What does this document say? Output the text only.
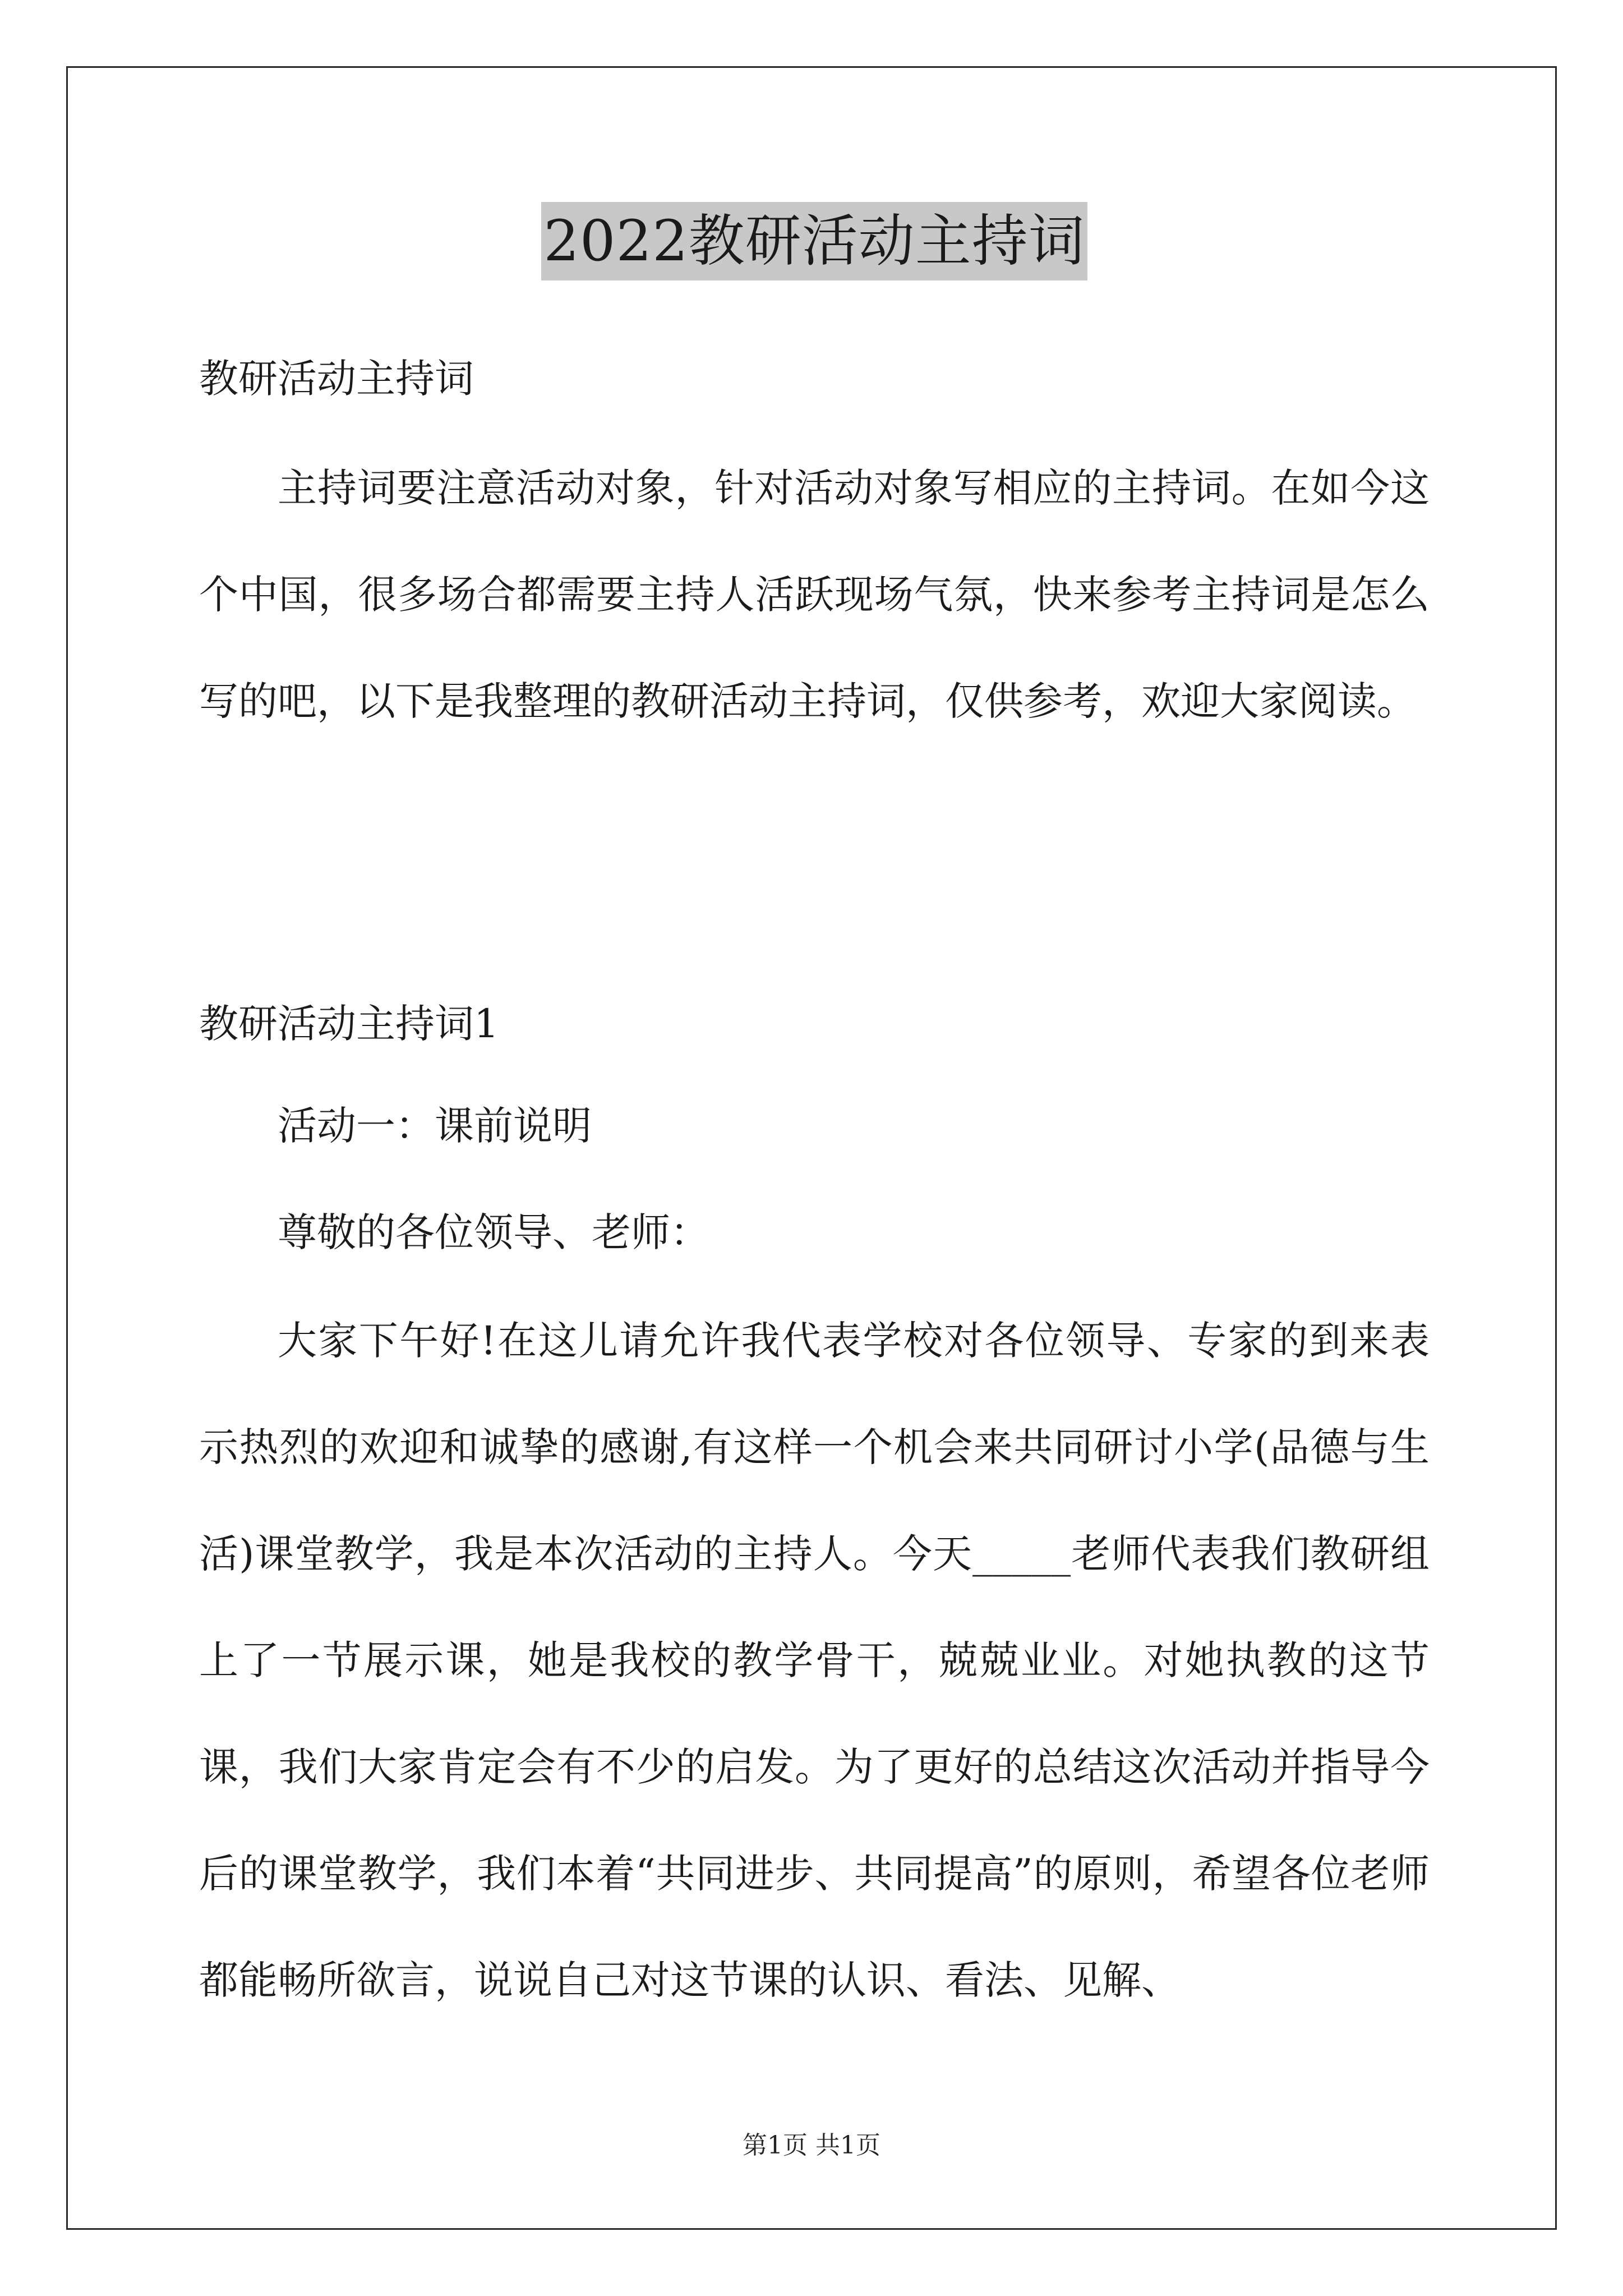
2022教研活动主持词
教研活动主持词
主持词要注意活动对象，针对活动对象写相应的主持词。在如今这个中国，很多场合都需要主持人活跃现场气氛，快来参考主持词是怎么写的吧，以下是我整理的教研活动主持词，仅供参考，欢迎大家阅读。
教研活动主持词1
活动一：课前说明
尊敬的各位领导、老师：
大家下午好!在这儿请允许我代表学校对各位领导、专家的到来表示热烈的欢迎和诚挚的感谢,有这样一个机会来共同研讨小学(品德与生活)课堂教学，我是本次活动的主持人。今天_____老师代表我们教研组上了一节展示课，她是我校的教学骨干，兢兢业业。对她执教的这节课，我们大家肯定会有不少的启发。为了更好的总结这次活动并指导今后的课堂教学，我们本着“共同进步、共同提高”的原则，希望各位老师都能畅所欲言，说说自己对这节课的认识、看法、见解、
第1页 共1页
